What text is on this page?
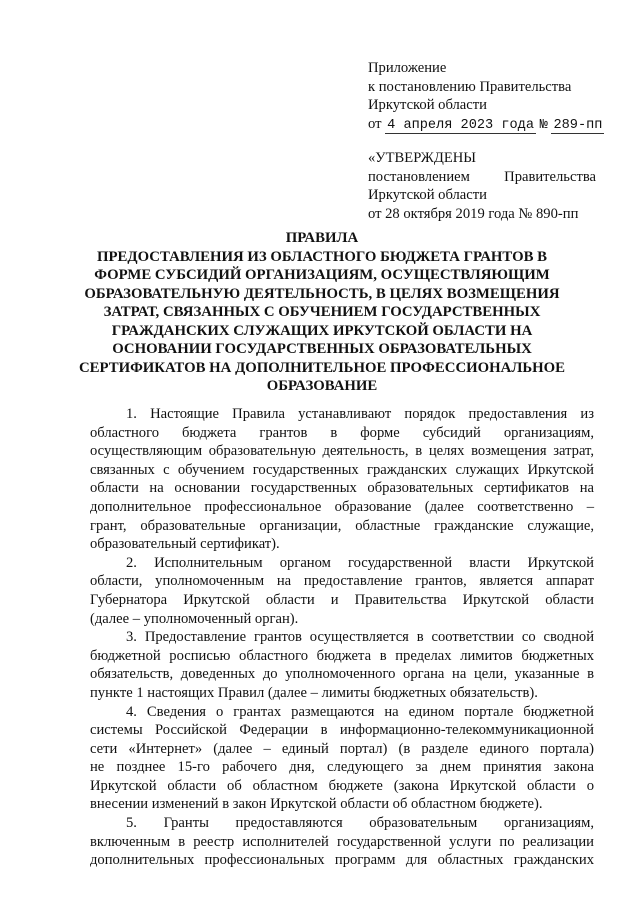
Приложение
к постановлению Правительства
Иркутской области
от 4 апреля 2023 года № 289-пп
«УТВЕРЖДЕНЫ
постановлением Правительства
Иркутской области
от 28 октября 2019 года № 890-пп
ПРАВИЛА
ПРЕДОСТАВЛЕНИЯ ИЗ ОБЛАСТНОГО БЮДЖЕТА ГРАНТОВ В
ФОРМЕ СУБСИДИЙ ОРГАНИЗАЦИЯМ, ОСУЩЕСТВЛЯЮЩИМ
ОБРАЗОВАТЕЛЬНУЮ ДЕЯТЕЛЬНОСТЬ, В ЦЕЛЯХ ВОЗМЕЩЕНИЯ
ЗАТРАТ, СВЯЗАННЫХ С ОБУЧЕНИЕМ ГОСУДАРСТВЕННЫХ
ГРАЖДАНСКИХ СЛУЖАЩИХ ИРКУТСКОЙ ОБЛАСТИ НА
ОСНОВАНИИ ГОСУДАРСТВЕННЫХ ОБРАЗОВАТЕЛЬНЫХ
СЕРТИФИКАТОВ НА ДОПОЛНИТЕЛЬНОЕ ПРОФЕССИОНАЛЬНОЕ
ОБРАЗОВАНИЕ
1. Настоящие Правила устанавливают порядок предоставления из
областного бюджета грантов в форме субсидий организациям,
осуществляющим образовательную деятельность, в целях возмещения затрат,
связанных с обучением государственных гражданских служащих Иркутской
области на основании государственных образовательных сертификатов на
дополнительное профессиональное образование (далее соответственно –
грант, образовательные организации, областные гражданские служащие,
образовательный сертификат).
2. Исполнительным органом государственной власти Иркутской
области, уполномоченным на предоставление грантов, является аппарат
Губернатора Иркутской области и Правительства Иркутской области
(далее – уполномоченный орган).
3. Предоставление грантов осуществляется в соответствии со сводной
бюджетной росписью областного бюджета в пределах лимитов бюджетных
обязательств, доведенных до уполномоченного органа на цели, указанные в
пункте 1 настоящих Правил (далее – лимиты бюджетных обязательств).
4. Сведения о грантах размещаются на едином портале бюджетной
системы Российской Федерации в информационно-телекоммуникационной
сети «Интернет» (далее – единый портал) (в разделе единого портала)
не позднее 15-го рабочего дня, следующего за днем принятия закона
Иркутской области об областном бюджете (закона Иркутской области о
внесении изменений в закон Иркутской области об областном бюджете).
5. Гранты предоставляются образовательным организациям,
включенным в реестр исполнителей государственной услуги по реализации
дополнительных профессиональных программ для областных гражданских
